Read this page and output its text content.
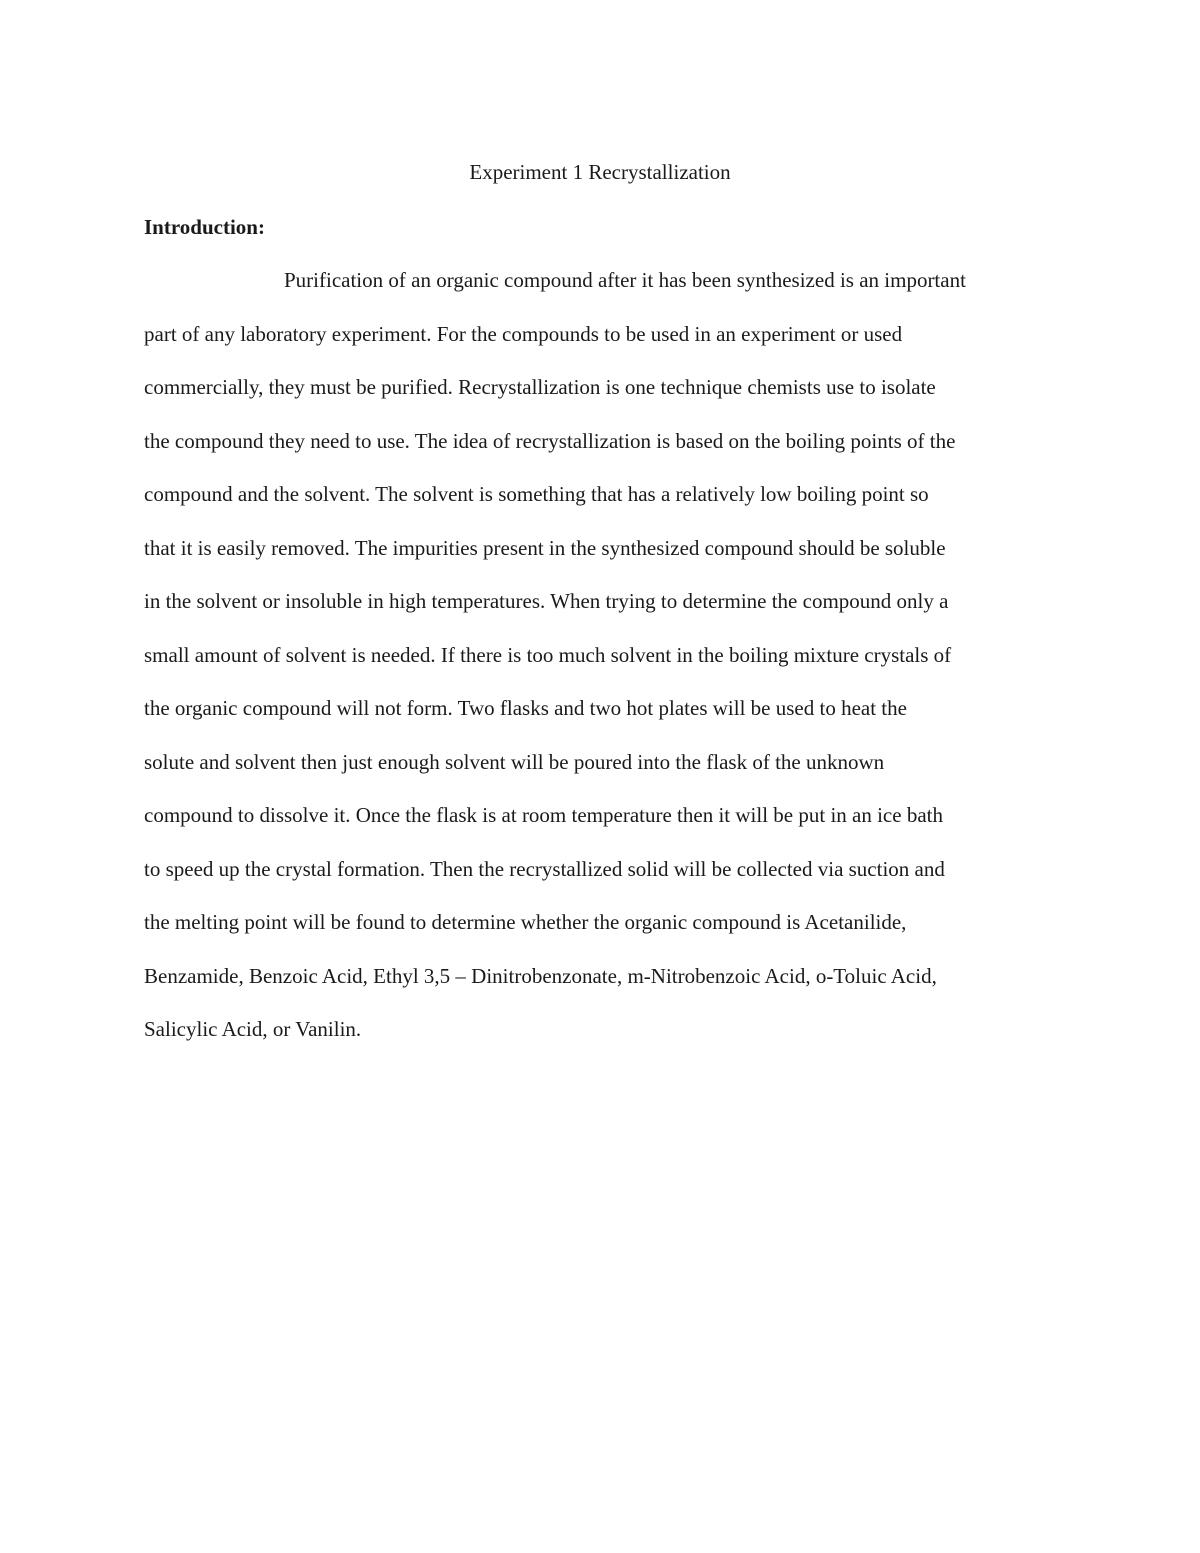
Experiment 1 Recrystallization
Introduction:
Purification of an organic compound after it has been synthesized is an important
part of any laboratory experiment. For the compounds to be used in an experiment or used
commercially, they must be purified. Recrystallization is one technique chemists use to isolate
the compound they need to use. The idea of recrystallization is based on the boiling points of the
compound and the solvent. The solvent is something that has a relatively low boiling point so
that it is easily removed. The impurities present in the synthesized compound should be soluble
in the solvent or insoluble in high temperatures. When trying to determine the compound only a
small amount of solvent is needed. If there is too much solvent in the boiling mixture crystals of
the organic compound will not form. Two flasks and two hot plates will be used to heat the
solute and solvent then just enough solvent will be poured into the flask of the unknown
compound to dissolve it. Once the flask is at room temperature then it will be put in an ice bath
to speed up the crystal formation. Then the recrystallized solid will be collected via suction and
the melting point will be found to determine whether the organic compound is Acetanilide,
Benzamide, Benzoic Acid, Ethyl 3,5 – Dinitrobenzonate, m-Nitrobenzoic Acid, o-Toluic Acid,
Salicylic Acid, or Vanilin.
